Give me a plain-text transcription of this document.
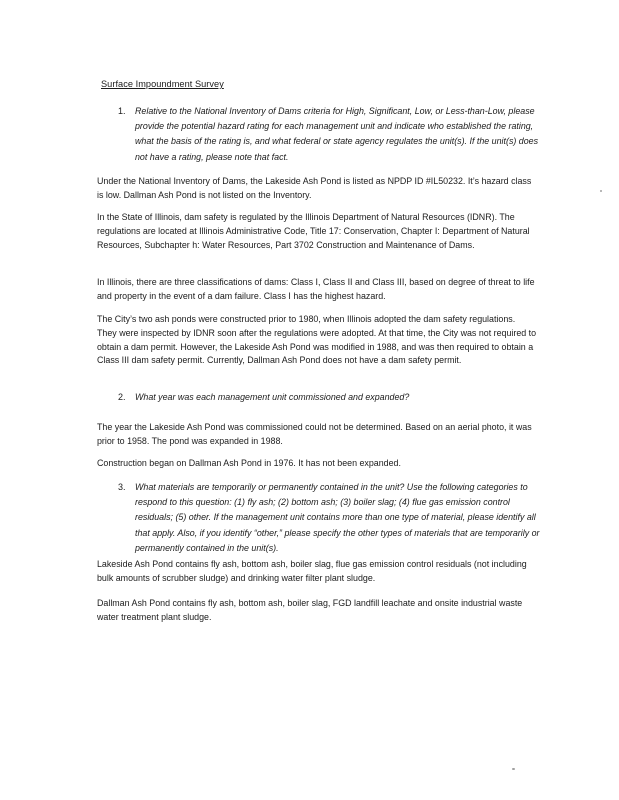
Surface Impoundment Survey
1. Relative to the National Inventory of Dams criteria for High, Significant, Low, or Less-than-Low, please provide the potential hazard rating for each management unit and indicate who established the rating, what the basis of the rating is, and what federal or state agency regulates the unit(s). If the unit(s) does not have a rating, please note that fact.
Under the National Inventory of Dams, the Lakeside Ash Pond is listed as NPDP ID #IL50232. It’s hazard class is low. Dallman Ash Pond is not listed on the Inventory.
In the State of Illinois, dam safety is regulated by the Illinois Department of Natural Resources (IDNR). The regulations are located at Illinois Administrative Code, Title 17: Conservation, Chapter I: Department of Natural Resources, Subchapter h: Water Resources, Part 3702 Construction and Maintenance of Dams.
In Illinois, there are three classifications of dams: Class I, Class II and Class III, based on degree of threat to life and property in the event of a dam failure. Class I has the highest hazard.
The City’s two ash ponds were constructed prior to 1980, when Illinois adopted the dam safety regulations. They were inspected by IDNR soon after the regulations were adopted. At that time, the City was not required to obtain a dam permit. However, the Lakeside Ash Pond was modified in 1988, and was then required to obtain a Class III dam safety permit. Currently, Dallman Ash Pond does not have a dam safety permit.
2. What year was each management unit commissioned and expanded?
The year the Lakeside Ash Pond was commissioned could not be determined. Based on an aerial photo, it was prior to 1958. The pond was expanded in 1988.
Construction began on Dallman Ash Pond in 1976. It has not been expanded.
3. What materials are temporarily or permanently contained in the unit? Use the following categories to respond to this question: (1) fly ash; (2) bottom ash; (3) boiler slag; (4) flue gas emission control residuals; (5) other. If the management unit contains more than one type of material, please identify all that apply. Also, if you identify “other,” please specify the other types of materials that are temporarily or permanently contained in the unit(s).
Lakeside Ash Pond contains fly ash, bottom ash, boiler slag, flue gas emission control residuals (not including bulk amounts of scrubber sludge) and drinking water filter plant sludge.
Dallman Ash Pond contains fly ash, bottom ash, boiler slag, FGD landfill leachate and onsite industrial waste water treatment plant sludge.
